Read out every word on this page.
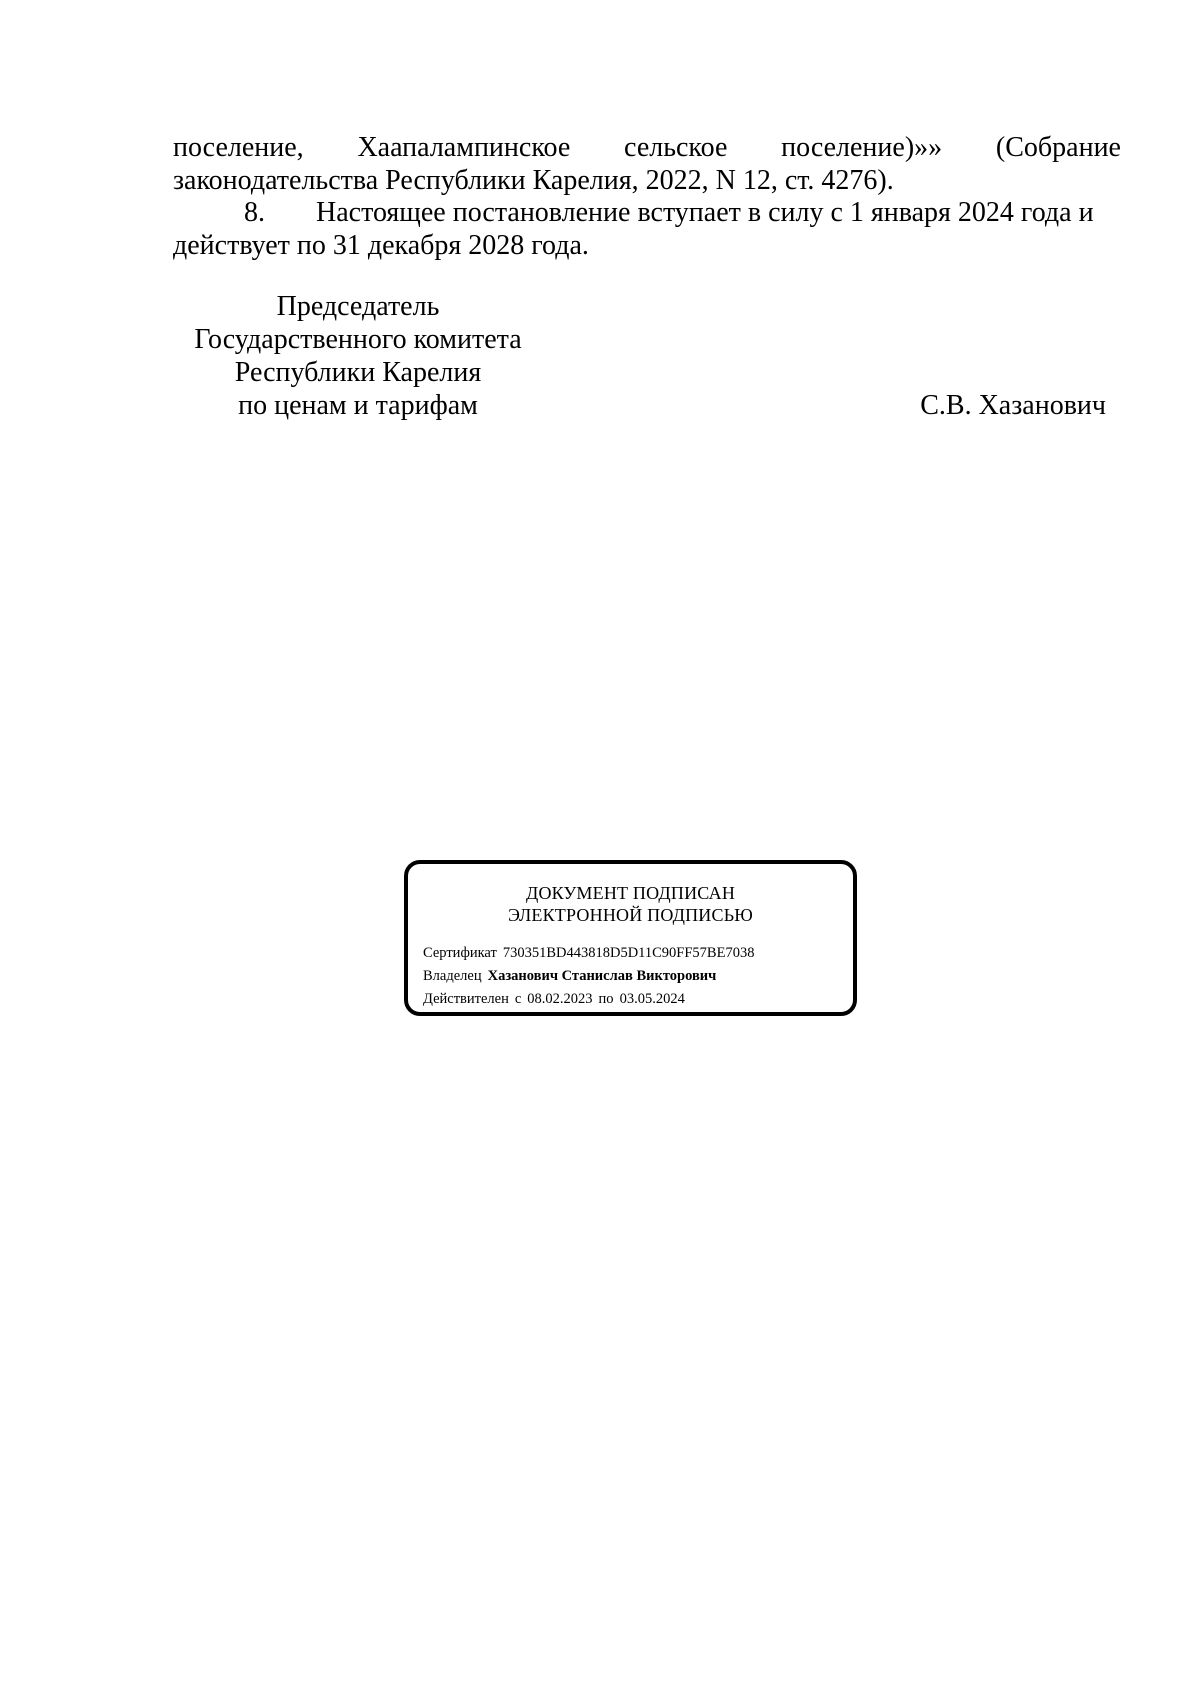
поселение, Хаапалампинское сельское поселение)»» (Собрание
законодательства Республики Карелия, 2022, N 12, ст. 4276).
8. Настоящее постановление вступает в силу с 1 января 2024 года и
действует по 31 декабря 2028 года.
Председатель
Государственного комитета
Республики Карелия
по ценам и тарифам	С.В. Хазанович
ДОКУМЕНТ ПОДПИСАН
ЭЛЕКТРОННОЙ ПОДПИСЬЮ
Сертификат 730351BD443818D5D11C90FF57BE7038
Владелец Хазанович Станислав Викторович
Действителен с 08.02.2023 по 03.05.2024
